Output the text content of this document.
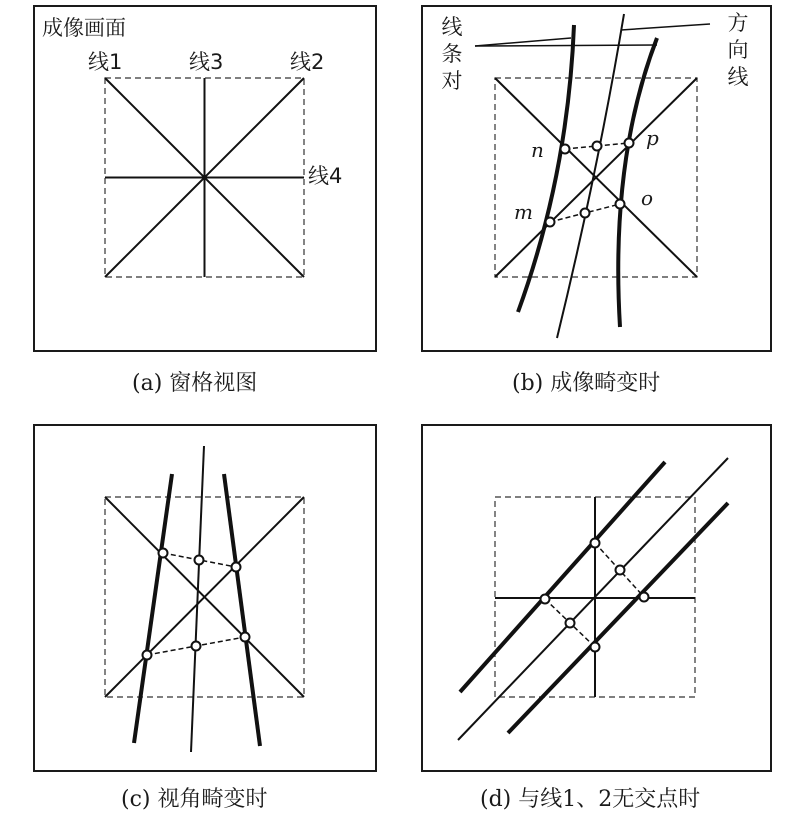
成像画面
线1	线3	线2
线4
线条对
方向线
n	p
m
o
(a) 窗格视图	(b) 成像畸变时
(c) 视角畸变时	(d) 与线1、2无交点时
